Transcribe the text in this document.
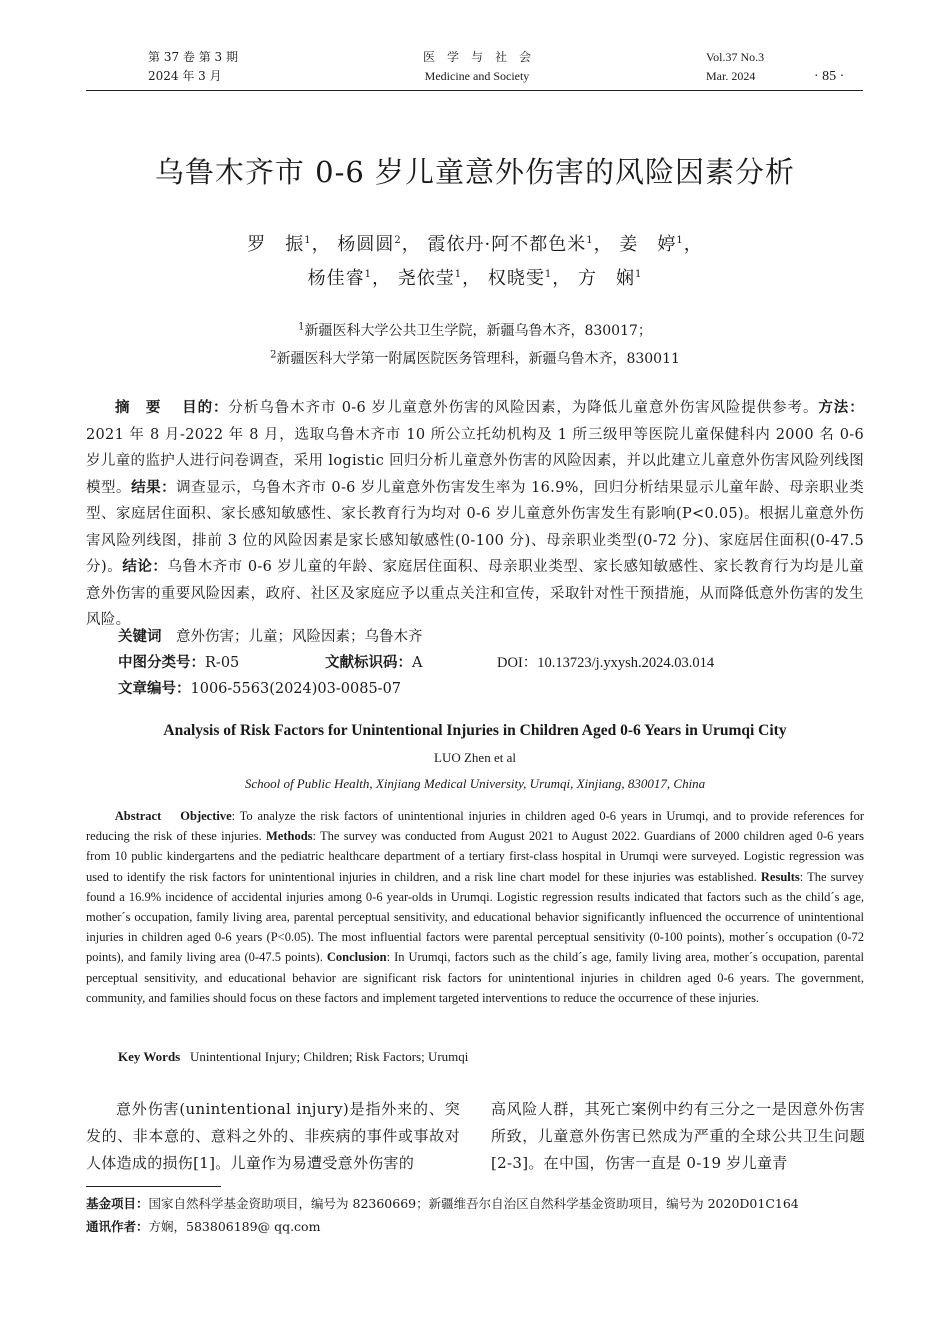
第 37 卷 第 3 期
2024 年 3 月
医　学　与　社　会
Medicine and Society
Vol.37 No.3
Mar. 2024	· 85 ·
乌鲁木齐市 0-6 岁儿童意外伤害的风险因素分析
罗　振$^1$， 杨圆圆$^2$， 霞依丹·阿不都色米$^1$， 姜　婷$^1$，
杨佳睿$^1$， 尧依莹$^1$， 权晓雯$^1$， 方　娴$^1$
$^1$新疆医科大学公共卫生学院，新疆乌鲁木齐，830017；
$^2$新疆医科大学第一附属医院医务管理科，新疆乌鲁木齐，830011
摘　要　 目的：分析乌鲁木齐市 0-6 岁儿童意外伤害的风险因素，为降低儿童意外伤害风险提供参考。方法：2021 年 8 月-2022 年 8 月，选取乌鲁木齐市 10 所公立托幼机构及 1 所三级甲等医院儿童保健科内 2000 名 0-6 岁儿童的监护人进行问卷调查，采用 logistic 回归分析儿童意外伤害的风险因素，并以此建立儿童意外伤害风险列线图模型。结果：调查显示，乌鲁木齐市 0-6 岁儿童意外伤害发生率为 16.9%，回归分析结果显示儿童年龄、母亲职业类型、家庭居住面积、家长感知敏感性、家长教育行为均对 0-6 岁儿童意外伤害发生有影响(P<0.05)。根据儿童意外伤害风险列线图，排前 3 位的风险因素是家长感知敏感性(0-100 分)、母亲职业类型(0-72 分)、家庭居住面积(0-47.5 分)。结论：乌鲁木齐市 0-6 岁儿童的年龄、家庭居住面积、母亲职业类型、家长感知敏感性、家长教育行为均是儿童意外伤害的重要风险因素，政府、社区及家庭应予以重点关注和宣传，采取针对性干预措施，从而降低意外伤害的发生风险。
关键词　 意外伤害；儿童；风险因素；乌鲁木齐
中图分类号：R-05	文献标识码：A	DOI：10.13723/j.yxysh.2024.03.014
文章编号：1006-5563(2024)03-0085-07
Analysis of Risk Factors for Unintentional Injuries in Children Aged 0-6 Years in Urumqi City
LUO Zhen et al
School of Public Health, Xinjiang Medical University, Urumqi, Xinjiang, 830017, China
Abstract Objective: To analyze the risk factors of unintentional injuries in children aged 0-6 years in Urumqi, and to provide references for reducing the risk of these injuries. Methods: The survey was conducted from August 2021 to August 2022. Guardians of 2000 children aged 0-6 years from 10 public kindergartens and the pediatric healthcare department of a tertiary first-class hospital in Urumqi were surveyed. Logistic regression was used to identify the risk factors for unintentional injuries in children, and a risk line chart model for these injuries was established. Results: The survey found a 16.9% incidence of accidental injuries among 0-6 year-olds in Urumqi. Logistic regression results indicated that factors such as the child´s age, mother´s occupation, family living area, parental perceptual sensitivity, and educational behavior significantly influenced the occurrence of unintentional injuries in children aged 0-6 years (P<0.05). The most influential factors were parental perceptual sensitivity (0-100 points), mother´s occupation (0-72 points), and family living area (0-47.5 points). Conclusion: In Urumqi, factors such as the child´s age, family living area, mother´s occupation, parental perceptual sensitivity, and educational behavior are significant risk factors for unintentional injuries in children aged 0-6 years. The government, community, and families should focus on these factors and implement targeted interventions to reduce the occurrence of these injuries.
Key Words Unintentional Injury; Children; Risk Factors; Urumqi
意外伤害(unintentional injury)是指外来的、突发的、非本意的、意料之外的、非疾病的事件或事故对人体造成的损伤[1]。儿童作为易遭受意外伤害的
高风险人群，其死亡案例中约有三分之一是因意外伤害所致，儿童意外伤害已然成为严重的全球公共卫生问题[2-3]。在中国，伤害一直是 0-19 岁儿童青
基金项目：国家自然科学基金资助项目，编号为 82360669；新疆维吾尔自治区自然科学基金资助项目，编号为 2020D01C164
通讯作者：方娴，583806189@ qq.com
